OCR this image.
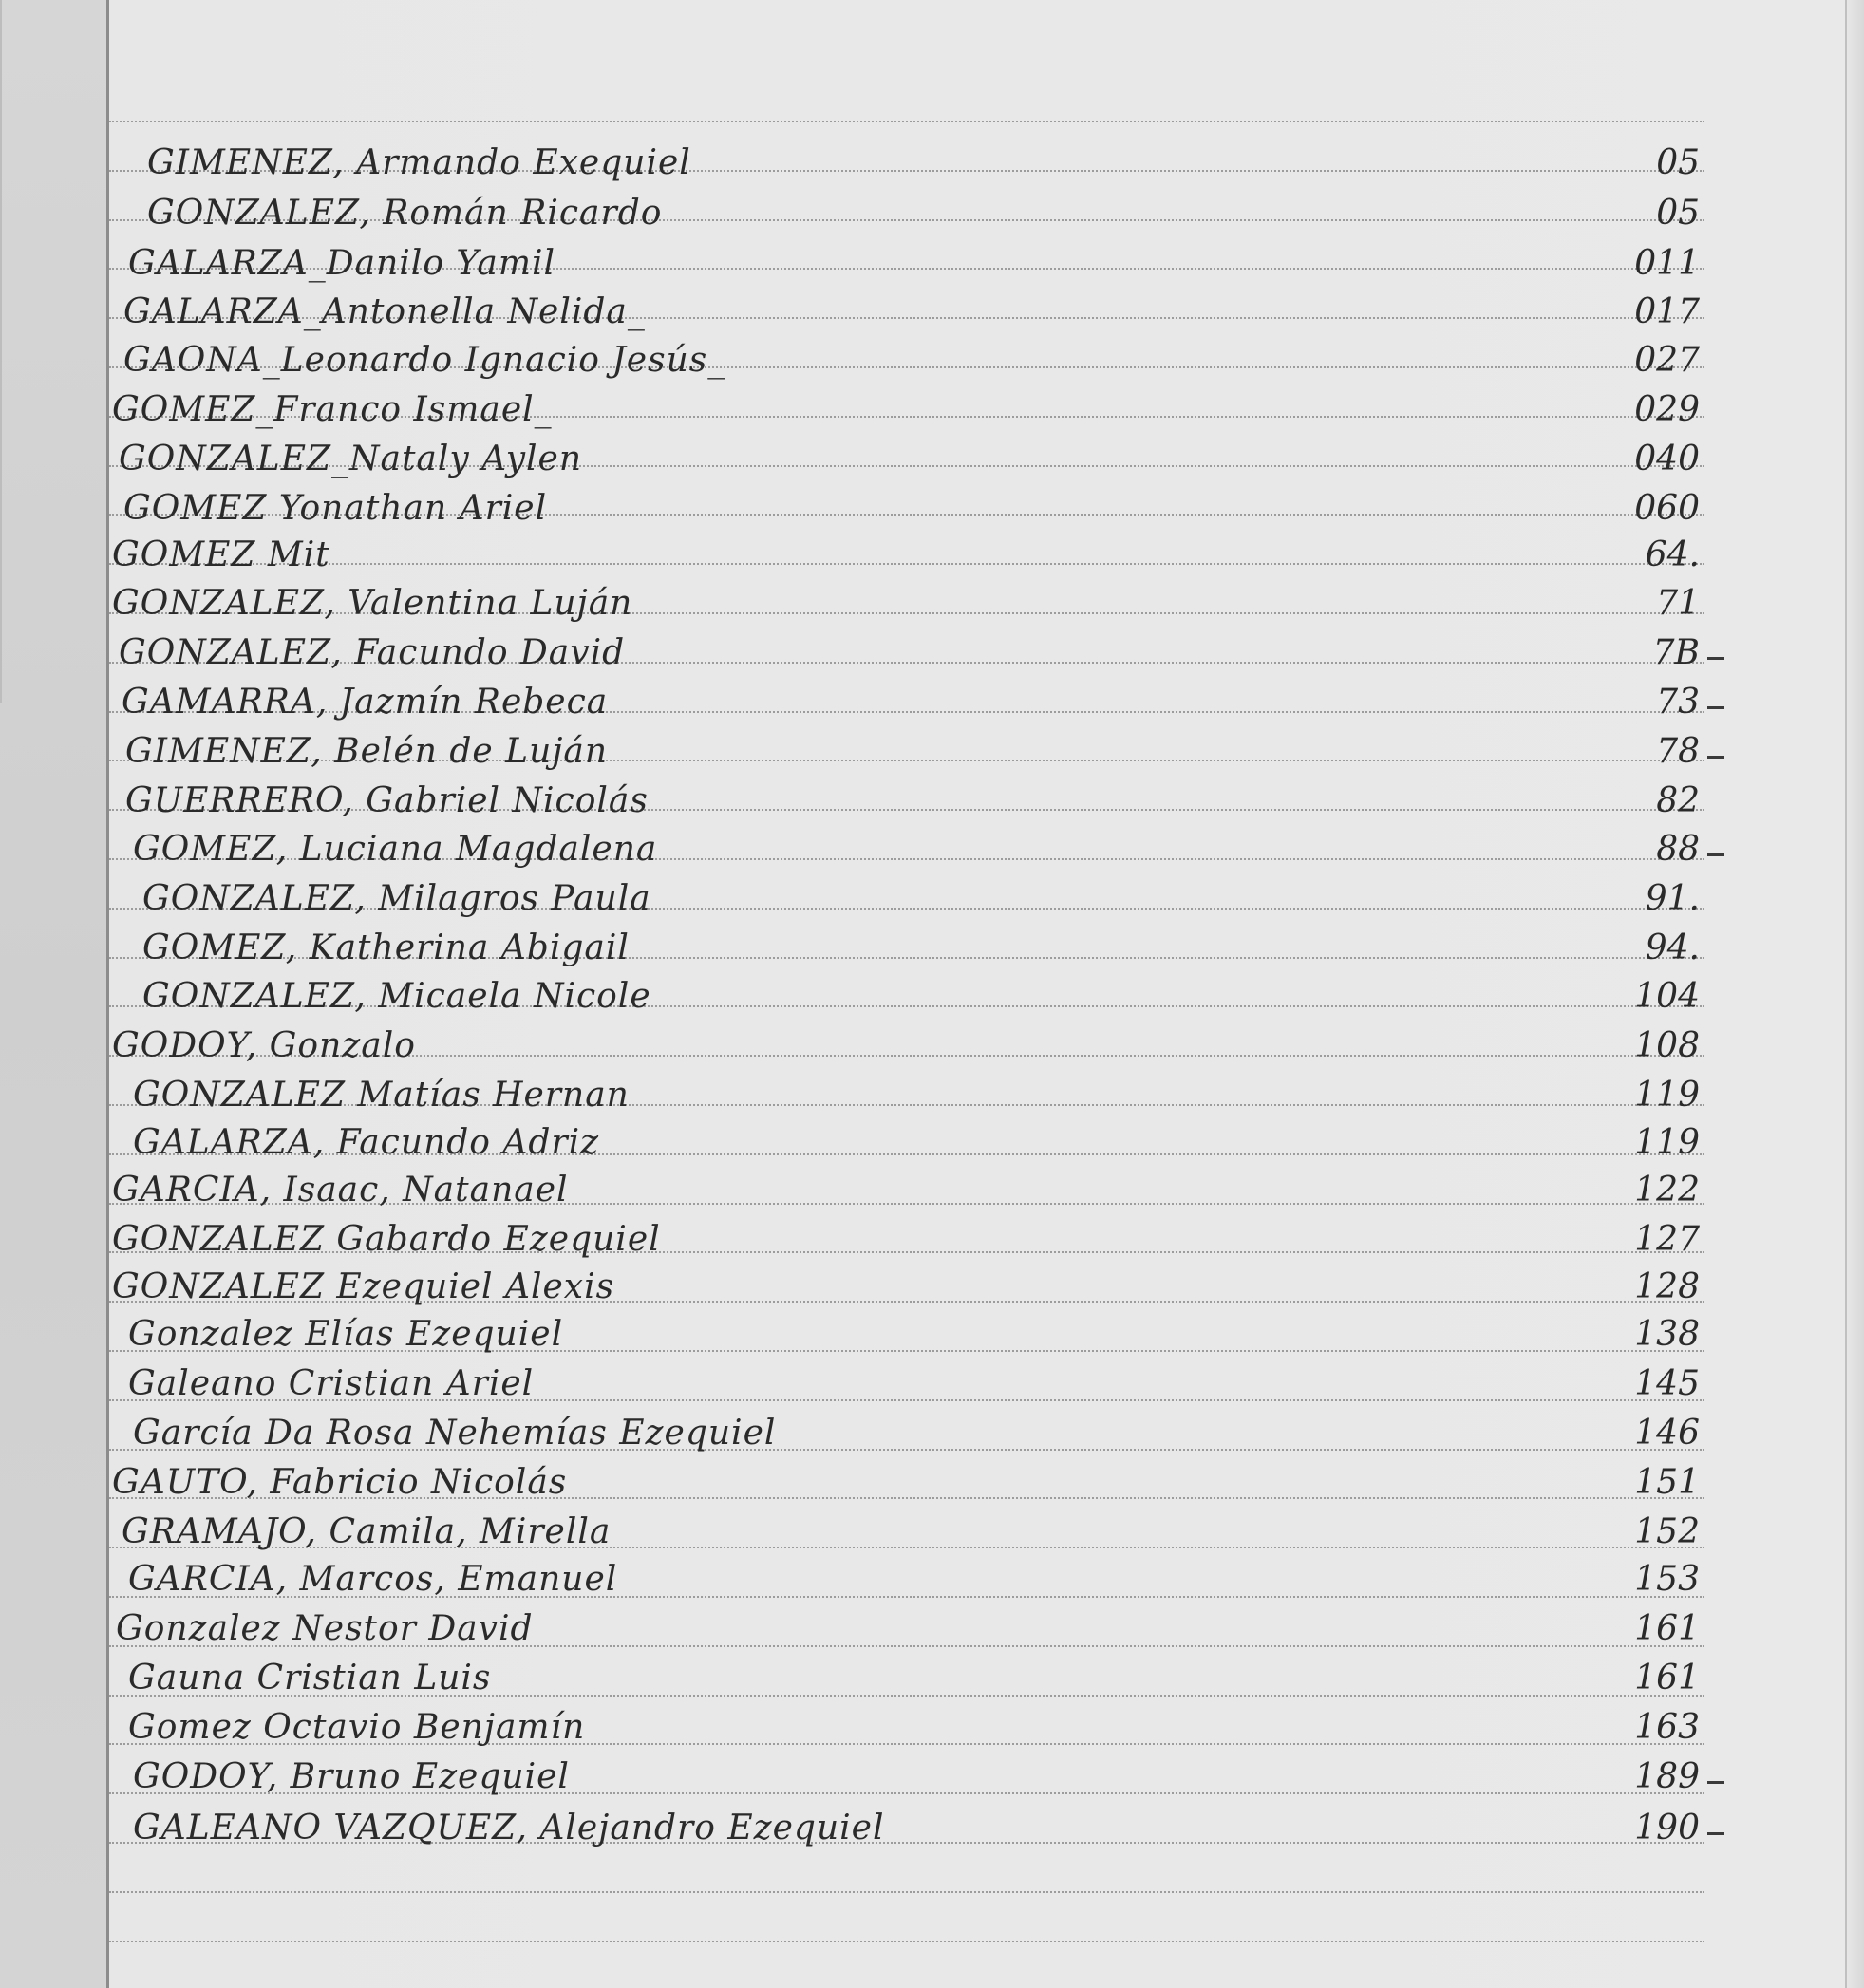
GIMENEZ, Armando Exequiel	05
GONZALEZ, Román Ricardo	05
GALARZA_Danilo Yamil	011
GALARZA_Antonella Nelida_	017
GAONA_Leonardo Ignacio Jesús_	027
GOMEZ_Franco Ismael_	029
GONZALEZ_Nataly Aylen	040
GOMEZ Yonathan Ariel	060
GOMEZ Mit	64.
GONZALEZ, Valentina Luján	71
GONZALEZ, Facundo David	7B
GAMARRA, Jazmín Rebeca	73
GIMENEZ, Belén de Luján	78
GUERRERO, Gabriel Nicolás	82
GOMEZ, Luciana Magdalena	88
GONZALEZ, Milagros Paula	91.
GOMEZ, Katherina Abigail	94.
GONZALEZ, Micaela Nicole	104
GODOY, Gonzalo	108
GONZALEZ Matías Hernan	119
GALARZA, Facundo Adriz	119
GARCIA, Isaac, Natanael	122
GONZALEZ Gabardo Ezequiel	127
GONZALEZ Ezequiel Alexis	128
Gonzalez Elías Ezequiel	138
Galeano Cristian Ariel	145
García Da Rosa Nehemías Ezequiel	146
GAUTO, Fabricio Nicolás	151
GRAMAJO, Camila, Mirella	152
GARCIA, Marcos, Emanuel	153
Gonzalez Nestor David	161
Gauna Cristian Luis	161
Gomez Octavio Benjamín	163
GODOY, Bruno Ezequiel	189
GALEANO VAZQUEZ, Alejandro Ezequiel	190
